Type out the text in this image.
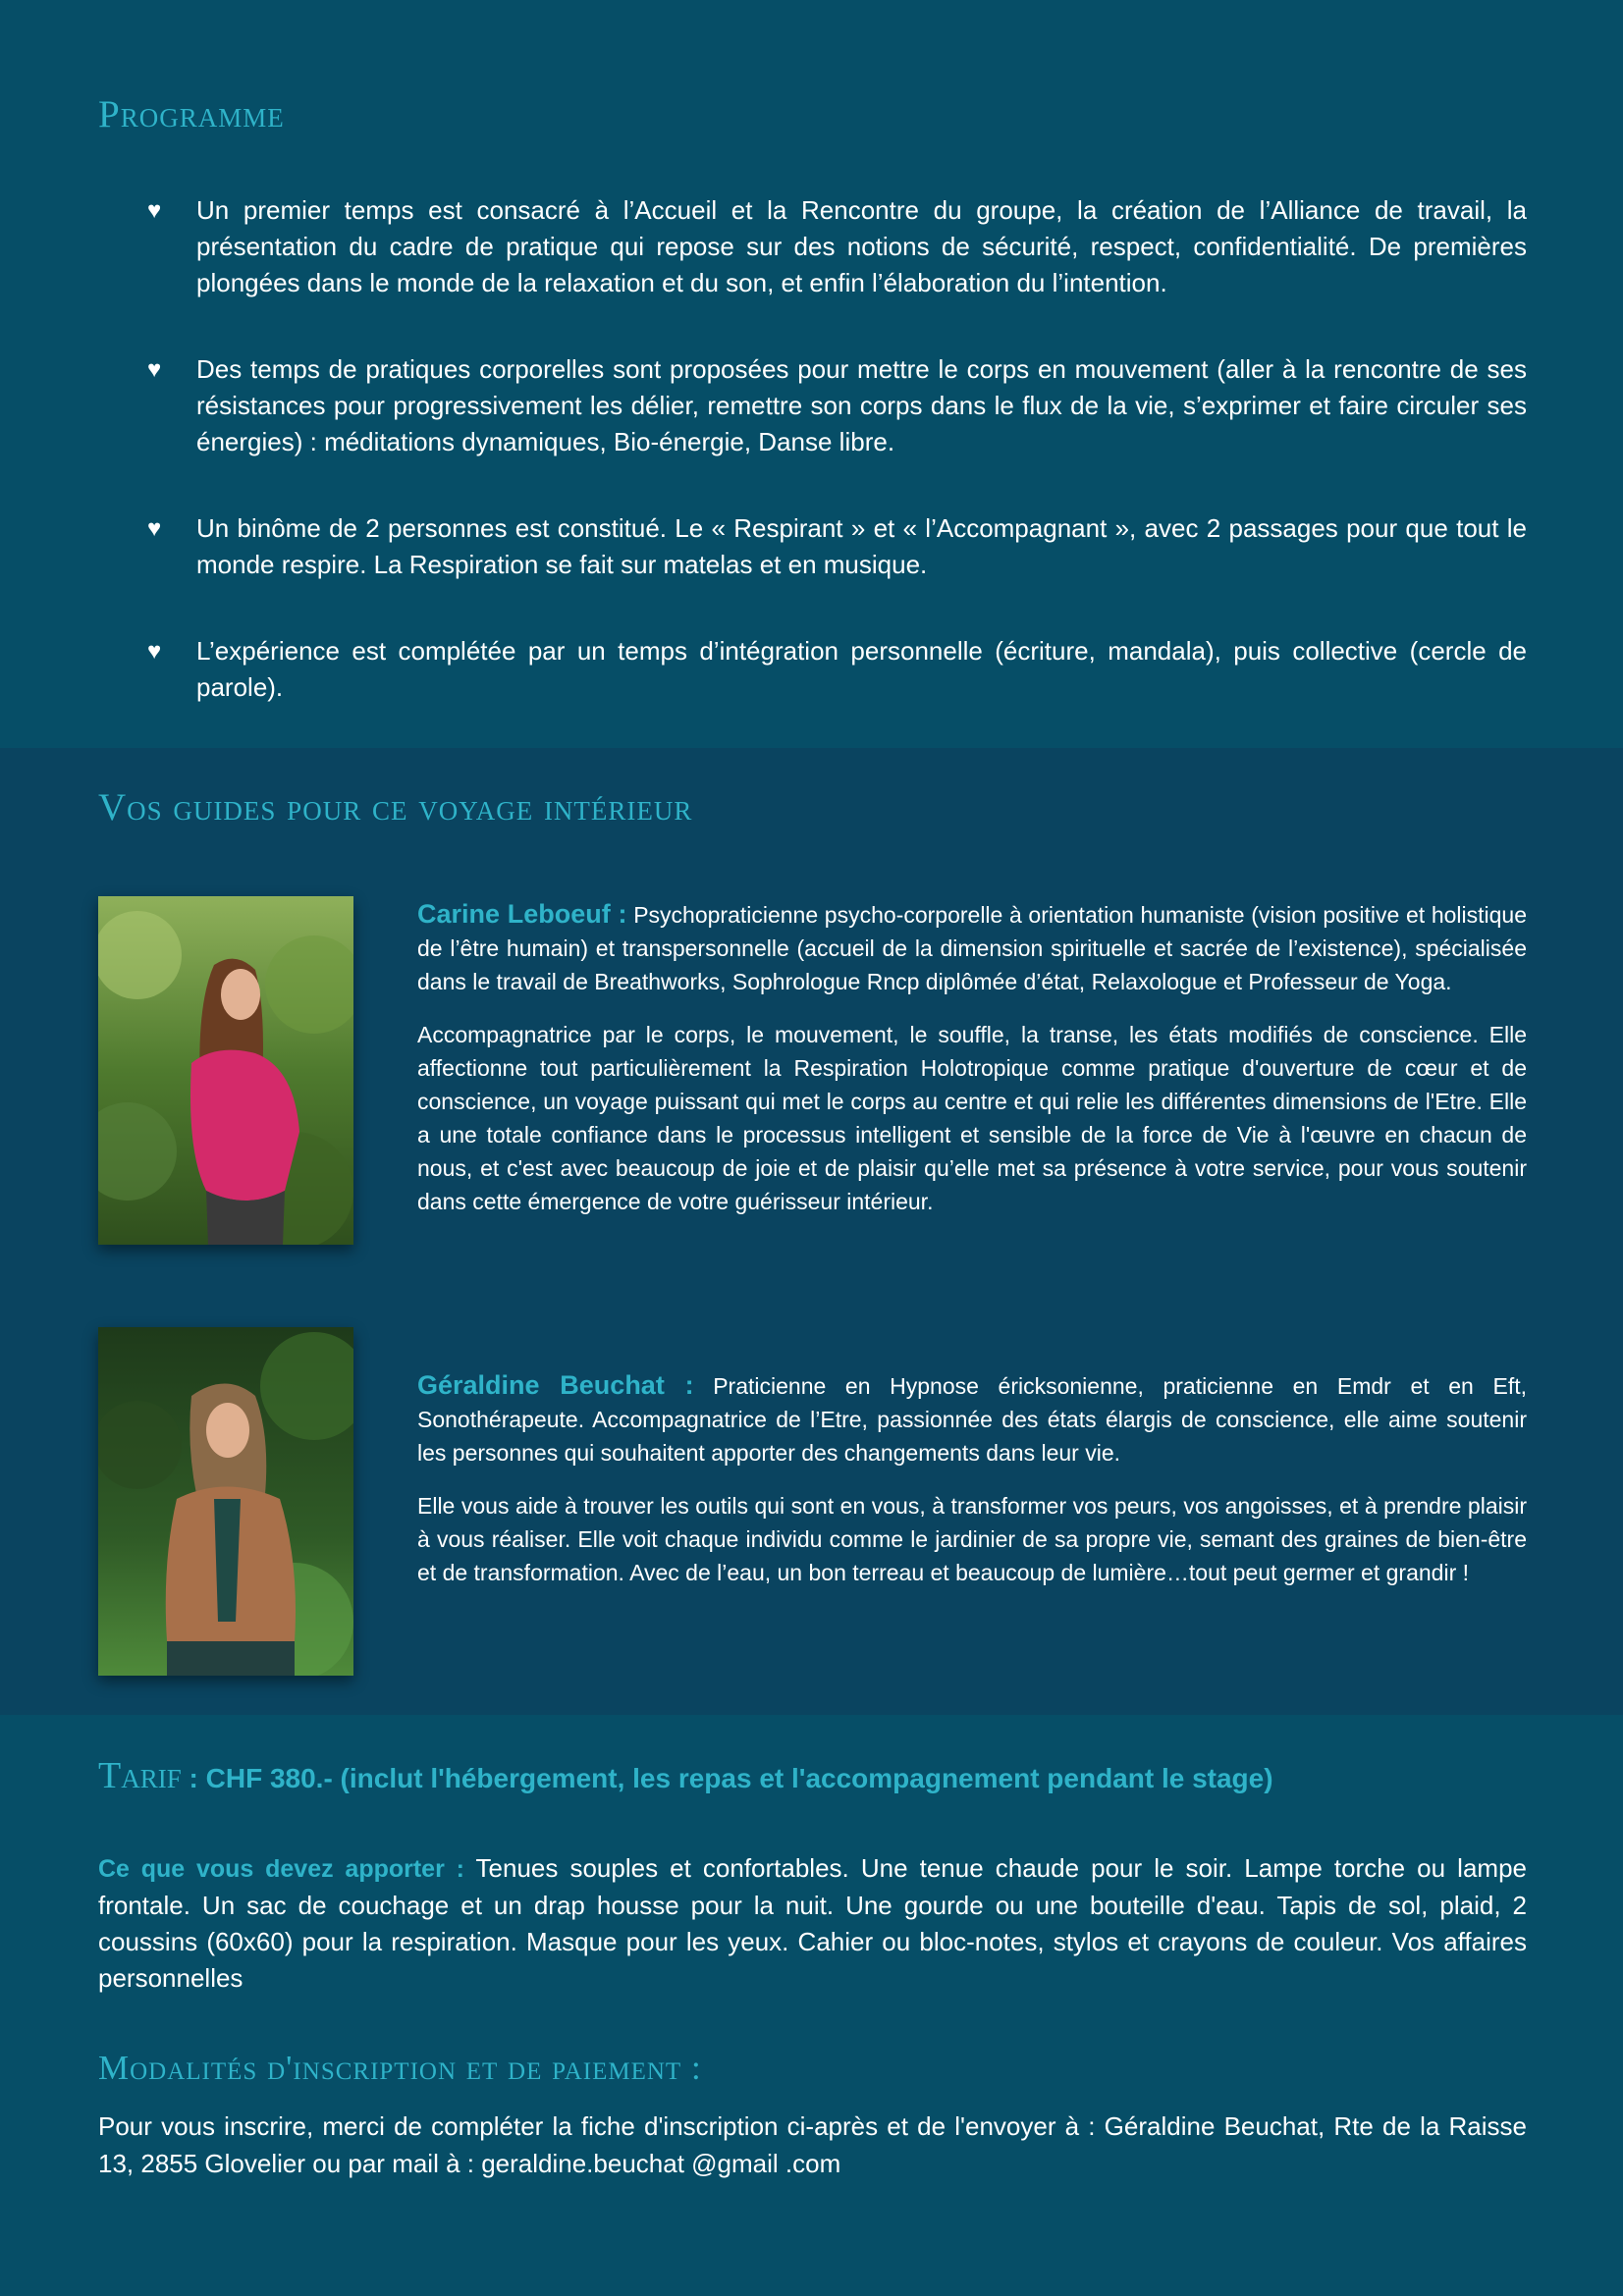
Programme
♥ Un premier temps est consacré à l’Accueil et la Rencontre du groupe, la création de l’Alliance de travail, la présentation du cadre de pratique qui repose sur des notions de sécurité, respect, confidentialité. De premières plongées dans le monde de la relaxation et du son, et enfin l’élaboration du l’intention.
♥ Des temps de pratiques corporelles sont proposées pour mettre le corps en mouvement (aller à la rencontre de ses résistances pour progressivement les délier, remettre son corps dans le flux de la vie, s’exprimer et faire circuler ses énergies) : méditations dynamiques, Bio-énergie, Danse libre.
♥ Un binôme de 2 personnes est constitué. Le « Respirant » et « l’Accompagnant », avec 2 passages pour que tout le monde respire. La Respiration se fait sur matelas et en musique.
♥ L’expérience est complétée par un temps d’intégration personnelle (écriture, mandala), puis collective (cercle de parole).
Vos guides pour ce voyage intérieur

Carine Leboeuf : Psychopraticienne psycho-corporelle à orientation humaniste (vision positive et holistique de l’être humain) et transpersonnelle (accueil de la dimension spirituelle et sacrée de l’existence), spécialisée dans le travail de Breathworks, Sophrologue Rncp diplômée d’état, Relaxologue et Professeur de Yoga.

Accompagnatrice par le corps, le mouvement, le souffle, la transe, les états modifiés de conscience. Elle affectionne tout particulièrement la Respiration Holotropique comme pratique d'ouverture de cœur et de conscience, un voyage puissant qui met le corps au centre et qui relie les différentes dimensions de l'Etre. Elle a une totale confiance dans le processus intelligent et sensible de la force de Vie à l'œuvre en chacun de nous, et c'est avec beaucoup de joie et de plaisir qu’elle met sa présence à votre service, pour vous soutenir dans cette émergence de votre guérisseur intérieur.

Géraldine Beuchat : Praticienne en Hypnose éricksonienne, praticienne en Emdr et en Eft, Sonothérapeute. Accompagnatrice de l’Etre, passionnée des états élargis de conscience, elle aime soutenir les personnes qui souhaitent apporter des changements dans leur vie.

Elle vous aide à trouver les outils qui sont en vous, à transformer vos peurs, vos angoisses, et à prendre plaisir à vous réaliser. Elle voit chaque individu comme le jardinier de sa propre vie, semant des graines de bien-être et de transformation. Avec de l’eau, un bon terreau et beaucoup de lumière…tout peut germer et grandir !

Tarif : CHF 380.- (inclut l'hébergement, les repas et l'accompagnement pendant le stage)

Ce que vous devez apporter : Tenues souples et confortables. Une tenue chaude pour le soir. Lampe torche ou lampe frontale. Un sac de couchage et un drap housse pour la nuit. Une gourde ou une bouteille d'eau. Tapis de sol, plaid, 2 coussins (60x60) pour la respiration. Masque pour les yeux. Cahier ou bloc-notes, stylos et crayons de couleur. Vos affaires personnelles

Modalités d'inscription et de paiement :

Pour vous inscrire, merci de compléter la fiche d'inscription ci-après et de l'envoyer à : Géraldine Beuchat, Rte de la Raisse 13, 2855 Glovelier ou par mail à : geraldine.beuchat @gmail .com
